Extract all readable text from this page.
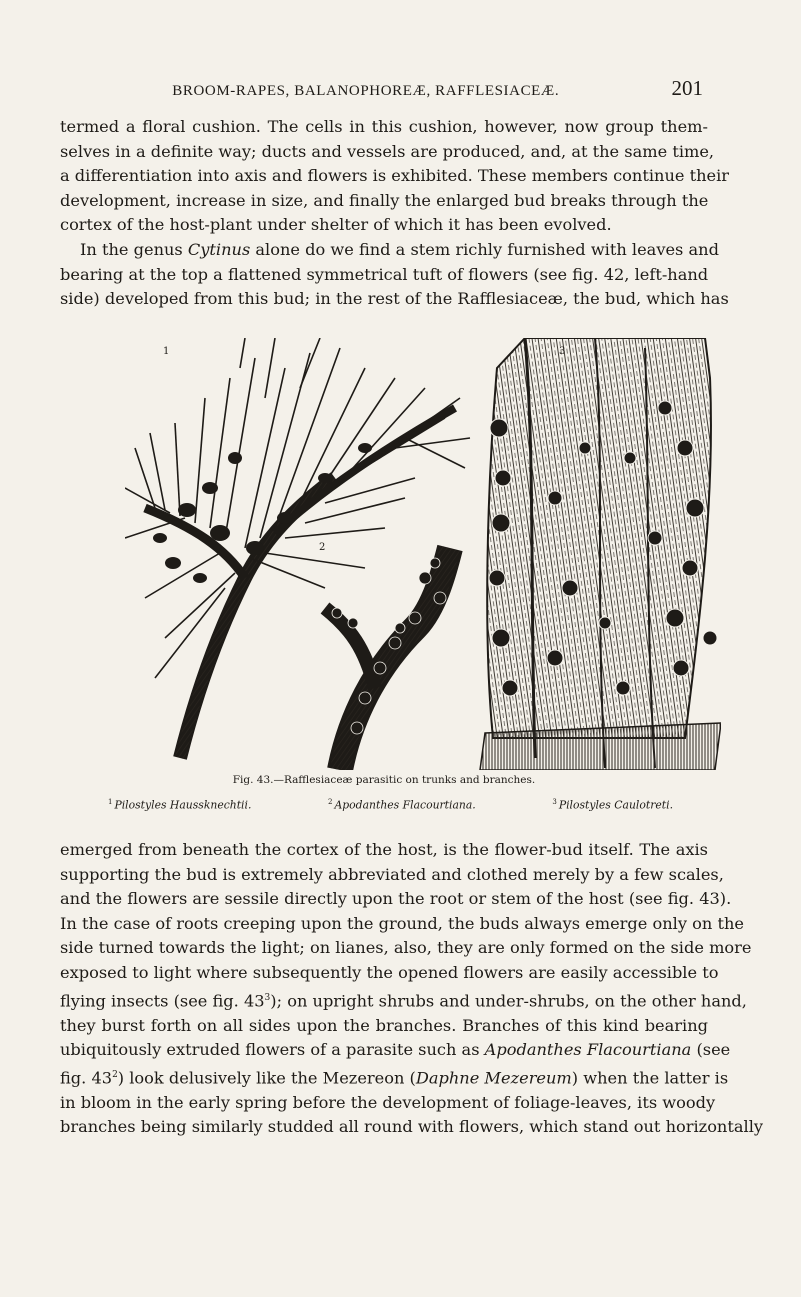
BROOM-RAPES, BALANOPHOREÆ, RAFFLESIACEÆ.	201
termed a floral cushion. The cells in this cushion, however, now group them-
selves in a definite way; ducts and vessels are produced, and, at the same time,
a differentiation into axis and flowers is exhibited. These members continue their
development, increase in size, and finally the enlarged bud breaks through the
cortex of the host-plant under shelter of which it has been evolved.
In the genus Cytinus alone do we find a stem richly furnished with leaves and
bearing at the top a flattened symmetrical tuft of flowers (see fig. 42, left-hand
side) developed from this bud; in the rest of the Rafflesiaceæ, the bud, which has
1
2
3
Fig. 43.—Rafflesiaceæ parasitic on trunks and branches.
$^1$ Pilostyles Haussknechtii.	$^2$ Apodanthes Flacourtiana.	$^3$ Pilostyles Caulotreti.
emerged from beneath the cortex of the host, is the flower-bud itself. The axis
supporting the bud is extremely abbreviated and clothed merely by a few scales,
and the flowers are sessile directly upon the root or stem of the host (see fig. 43).
In the case of roots creeping upon the ground, the buds always emerge only on the
side turned towards the light; on lianes, also, they are only formed on the side more
exposed to light where subsequently the opened flowers are easily accessible to
flying insects (see fig. $43^3$); on upright shrubs and under-shrubs, on the other hand,
they burst forth on all sides upon the branches. Branches of this kind bearing
ubiquitously extruded flowers of a parasite such as Apodanthes Flacourtiana (see
fig. $43^2$) look delusively like the Mezereon (Daphne Mezereum) when the latter is
in bloom in the early spring before the development of foliage-leaves, its woody
branches being similarly studded all round with flowers, which stand out horizontally
